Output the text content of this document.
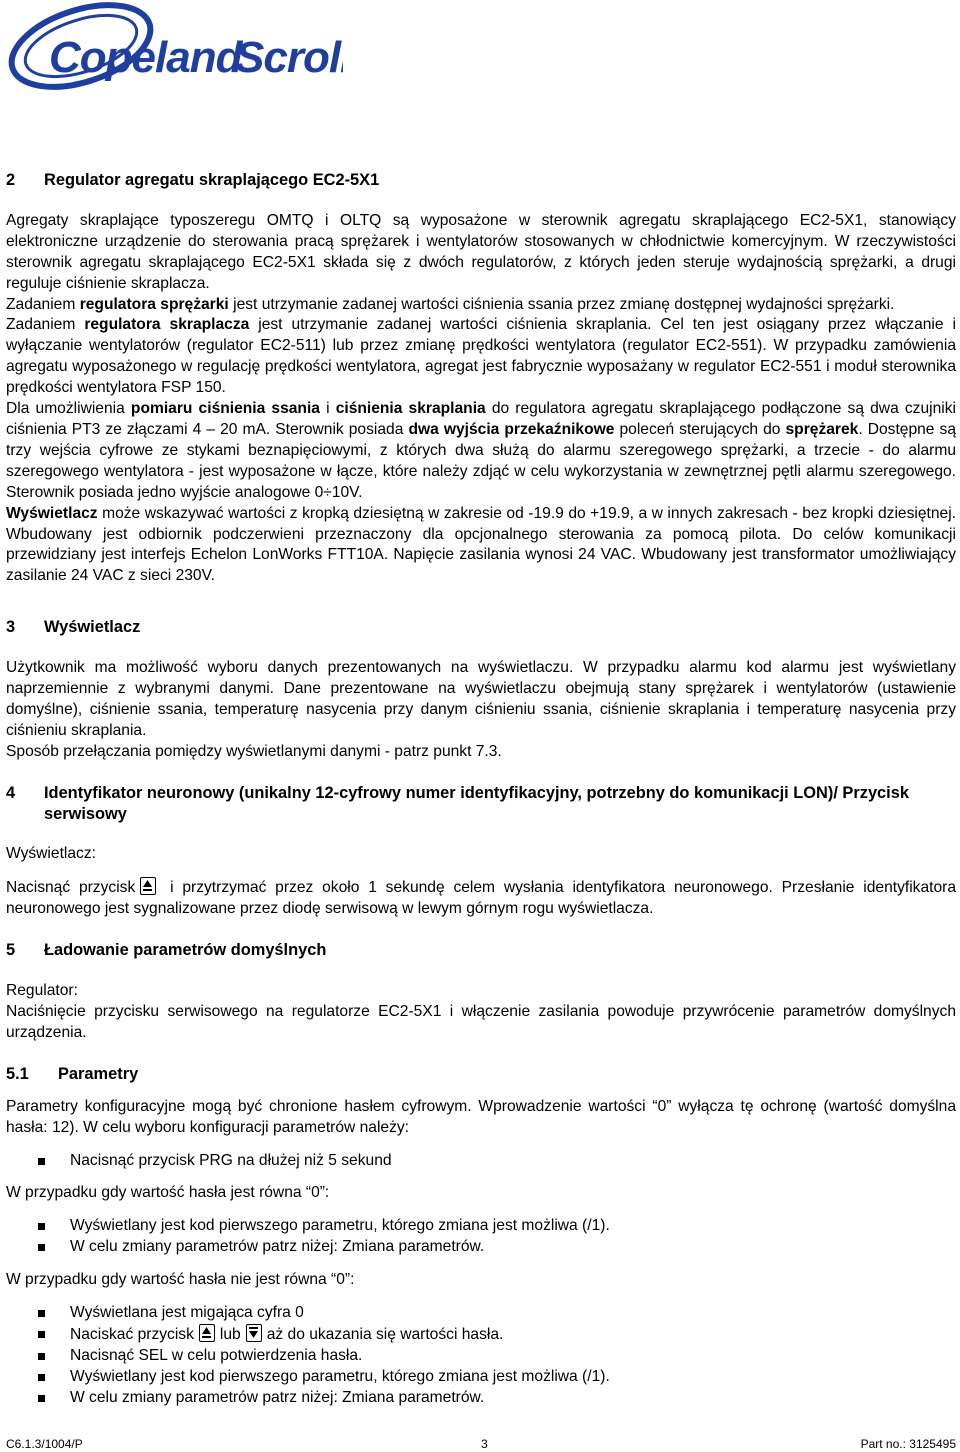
Copeland
Scroll
2	Regulator agregatu skraplającego EC2-5X1

Agregaty skraplające typoszeregu OMTQ i OLTQ są wyposażone w sterownik agregatu skraplającego EC2-5X1, stanowiący elektroniczne urządzenie do sterowania pracą sprężarek i wentylatorów stosowanych w chłodnictwie komercyjnym. W rzeczywistości sterownik agregatu skraplającego EC2-5X1 składa się z dwóch regulatorów, z których jeden steruje wydajnością sprężarki, a drugi reguluje ciśnienie skraplacza.

Zadaniem regulatora sprężarki jest utrzymanie zadanej wartości ciśnienia ssania przez zmianę dostępnej wydajności sprężarki.

Zadaniem regulatora skraplacza jest utrzymanie zadanej wartości ciśnienia skraplania. Cel ten jest osiągany przez włączanie i wyłączanie wentylatorów (regulator EC2-511) lub przez zmianę prędkości wentylatora (regulator EC2-551). W przypadku zamówienia agregatu wyposażonego w regulację prędkości wentylatora, agregat jest fabrycznie wyposażany w regulator EC2-551 i moduł sterownika prędkości wentylatora FSP 150.

Dla umożliwienia pomiaru ciśnienia ssania i ciśnienia skraplania do regulatora agregatu skraplającego podłączone są dwa czujniki ciśnienia PT3 ze złączami 4 – 20 mA. Sterownik posiada dwa wyjścia przekaźnikowe poleceń sterujących do sprężarek. Dostępne są trzy wejścia cyfrowe ze stykami beznapięciowymi, z których dwa służą do alarmu szeregowego sprężarki, a trzecie - do alarmu szeregowego wentylatora - jest wyposażone w łącze, które należy zdjąć w celu wykorzystania w zewnętrznej pętli alarmu szeregowego. Sterownik posiada jedno wyjście analogowe 0÷10V.

Wyświetlacz może wskazywać wartości z kropką dziesiętną w zakresie od -19.9 do +19.9, a w innych zakresach - bez kropki dziesiętnej. Wbudowany jest odbiornik podczerwieni przeznaczony dla opcjonalnego sterowania za pomocą pilota. Do celów komunikacji przewidziany jest interfejs Echelon LonWorks FTT10A. Napięcie zasilania wynosi 24 VAC. Wbudowany jest transformator umożliwiający zasilanie 24 VAC z sieci 230V.

3	Wyświetlacz

Użytkownik ma możliwość wyboru danych prezentowanych na wyświetlaczu. W przypadku alarmu kod alarmu jest wyświetlany naprzemiennie z wybranymi danymi. Dane prezentowane na wyświetlaczu obejmują stany sprężarek i wentylatorów (ustawienie domyślne), ciśnienie ssania, temperaturę nasycenia przy danym ciśnieniu ssania, ciśnienie skraplania i temperaturę nasycenia przy ciśnieniu skraplania.

Sposób przełączania pomiędzy wyświetlanymi danymi - patrz punkt 7.3.

4	Identyfikator neuronowy (unikalny 12-cyfrowy numer identyfikacyjny, potrzebny do komunikacji LON)/ Przycisk serwisowy

Wyświetlacz:

Nacisnąć przycisk
i przytrzymać przez około 1 sekundę celem wysłania identyfikatora neuronowego. Przesłanie identyfikatora neuronowego jest sygnalizowane przez diodę serwisową w lewym górnym rogu wyświetlacza.

5	Ładowanie parametrów domyślnych

Regulator:

Naciśnięcie przycisku serwisowego na regulatorze EC2-5X1 i włączenie zasilania powoduje przywrócenie parametrów domyślnych urządzenia.

5.1	Parametry

Parametry konfiguracyjne mogą być chronione hasłem cyfrowym. Wprowadzenie wartości “0” wyłącza tę ochronę (wartość domyślna hasła: 12). W celu wyboru konfiguracji parametrów należy:

Nacisnąć przycisk PRG na dłużej niż 5 sekund

W przypadku gdy wartość hasła jest równa “0”:

Wyświetlany jest kod pierwszego parametru, którego zmiana jest możliwa (/1).
W celu zmiany parametrów patrz niżej: Zmiana parametrów.

W przypadku gdy wartość hasła nie jest równa “0”:

Wyświetlana jest migająca cyfra 0
Naciskać przycisk lub aż do ukazania się wartości hasła.
Nacisnąć SEL w celu potwierdzenia hasła.
Wyświetlany jest kod pierwszego parametru, którego zmiana jest możliwa (/1).
W celu zmiany parametrów patrz niżej: Zmiana parametrów.
C6.1.3/1004/P	3	Part no.: 3125495
